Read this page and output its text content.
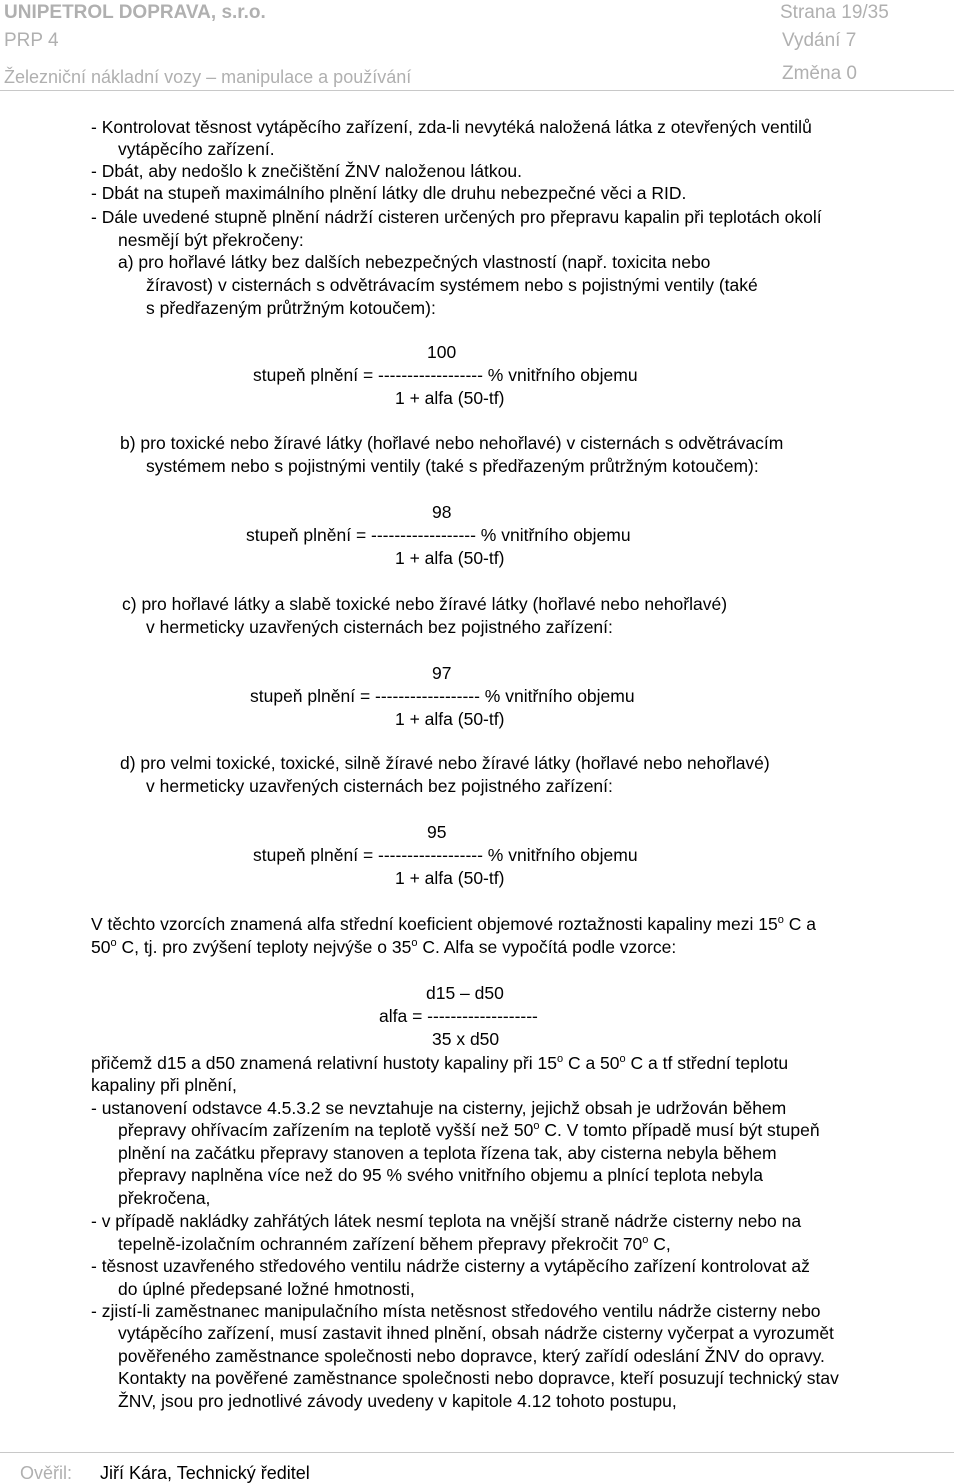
UNIPETROL DOPRAVA, s.r.o.	Strana 19/35
PRP 4	Vydání 7
Železniční nákladní vozy – manipulace a používání	Změna 0
- Kontrolovat těsnost vytápěcího zařízení, zda-li nevytéká naložená látka z otevřených ventilů
vytápěcího zařízení.
- Dbát, aby nedošlo k znečištění ŽNV naloženou látkou.
- Dbát na stupeň maximálního plnění látky dle druhu nebezpečné věci a RID.
- Dále uvedené stupně plnění nádrží cisteren určených pro přepravu kapalin při teplotách okolí
nesmějí být překročeny:
a) pro hořlavé látky bez dalších nebezpečných vlastností (např. toxicita nebo
žíravost) v cisternách s odvětrávacím systémem nebo s pojistnými ventily (také
s předřazeným průtržným kotoučem):
100
stupeň plnění = ------------------ % vnitřního objemu
1 + alfa (50-tf)
b) pro toxické nebo žíravé látky (hořlavé nebo nehořlavé) v cisternách s odvětrávacím
systémem nebo s pojistnými ventily (také s předřazeným průtržným kotoučem):
98
stupeň plnění = ------------------ % vnitřního objemu
1 + alfa (50-tf)
c) pro hořlavé látky a slabě toxické nebo žíravé látky (hořlavé nebo nehořlavé)
v hermeticky uzavřených cisternách bez pojistného zařízení:
97
stupeň plnění = ------------------ % vnitřního objemu
1 + alfa (50-tf)
d) pro velmi toxické, toxické, silně žíravé nebo žíravé látky (hořlavé nebo nehořlavé)
v hermeticky uzavřených cisternách bez pojistného zařízení:
95
stupeň plnění = ------------------ % vnitřního objemu
1 + alfa (50-tf)
V těchto vzorcích znamená alfa střední koeficient objemové roztažnosti kapaliny mezi 15$^o$ C a
50$^o$ C, tj. pro zvýšení teploty nejvýše o 35$^o$ C. Alfa se vypočítá podle vzorce:
d15 – d50
alfa = -------------------
35 x d50
přičemž d15 a d50 znamená relativní hustoty kapaliny při 15$^o$ C a 50$^o$ C a tf střední teplotu
kapaliny při plnění,
- ustanovení odstavce 4.5.3.2 se nevztahuje na cisterny, jejichž obsah je udržován během
přepravy ohřívacím zařízením na teplotě vyšší než 50$^o$ C. V tomto případě musí být stupeň
plnění na začátku přepravy stanoven a teplota řízena tak, aby cisterna nebyla během
přepravy naplněna více než do 95 % svého vnitřního objemu a plnící teplota nebyla
překročena,
- v případě nakládky zahřátých látek nesmí teplota na vnější straně nádrže cisterny nebo na
tepelně-izolačním ochranném zařízení během přepravy překročit 70$^o$ C,
- těsnost uzavřeného středového ventilu nádrže cisterny a vytápěcího zařízení kontrolovat až
do úplné předepsané ložné hmotnosti,
- zjistí-li zaměstnanec manipulačního místa netěsnost středového ventilu nádrže cisterny nebo
vytápěcího zařízení, musí zastavit ihned plnění, obsah nádrže cisterny vyčerpat a vyrozumět
pověřeného zaměstnance společnosti nebo dopravce, který zařídí odeslání ŽNV do opravy.
Kontakty na pověřené zaměstnance společnosti nebo dopravce, kteří posuzují technický stav
ŽNV, jsou pro jednotlivé závody uvedeny v kapitole 4.12 tohoto postupu,
Ověřil: Jiří Kára, Technický ředitel
